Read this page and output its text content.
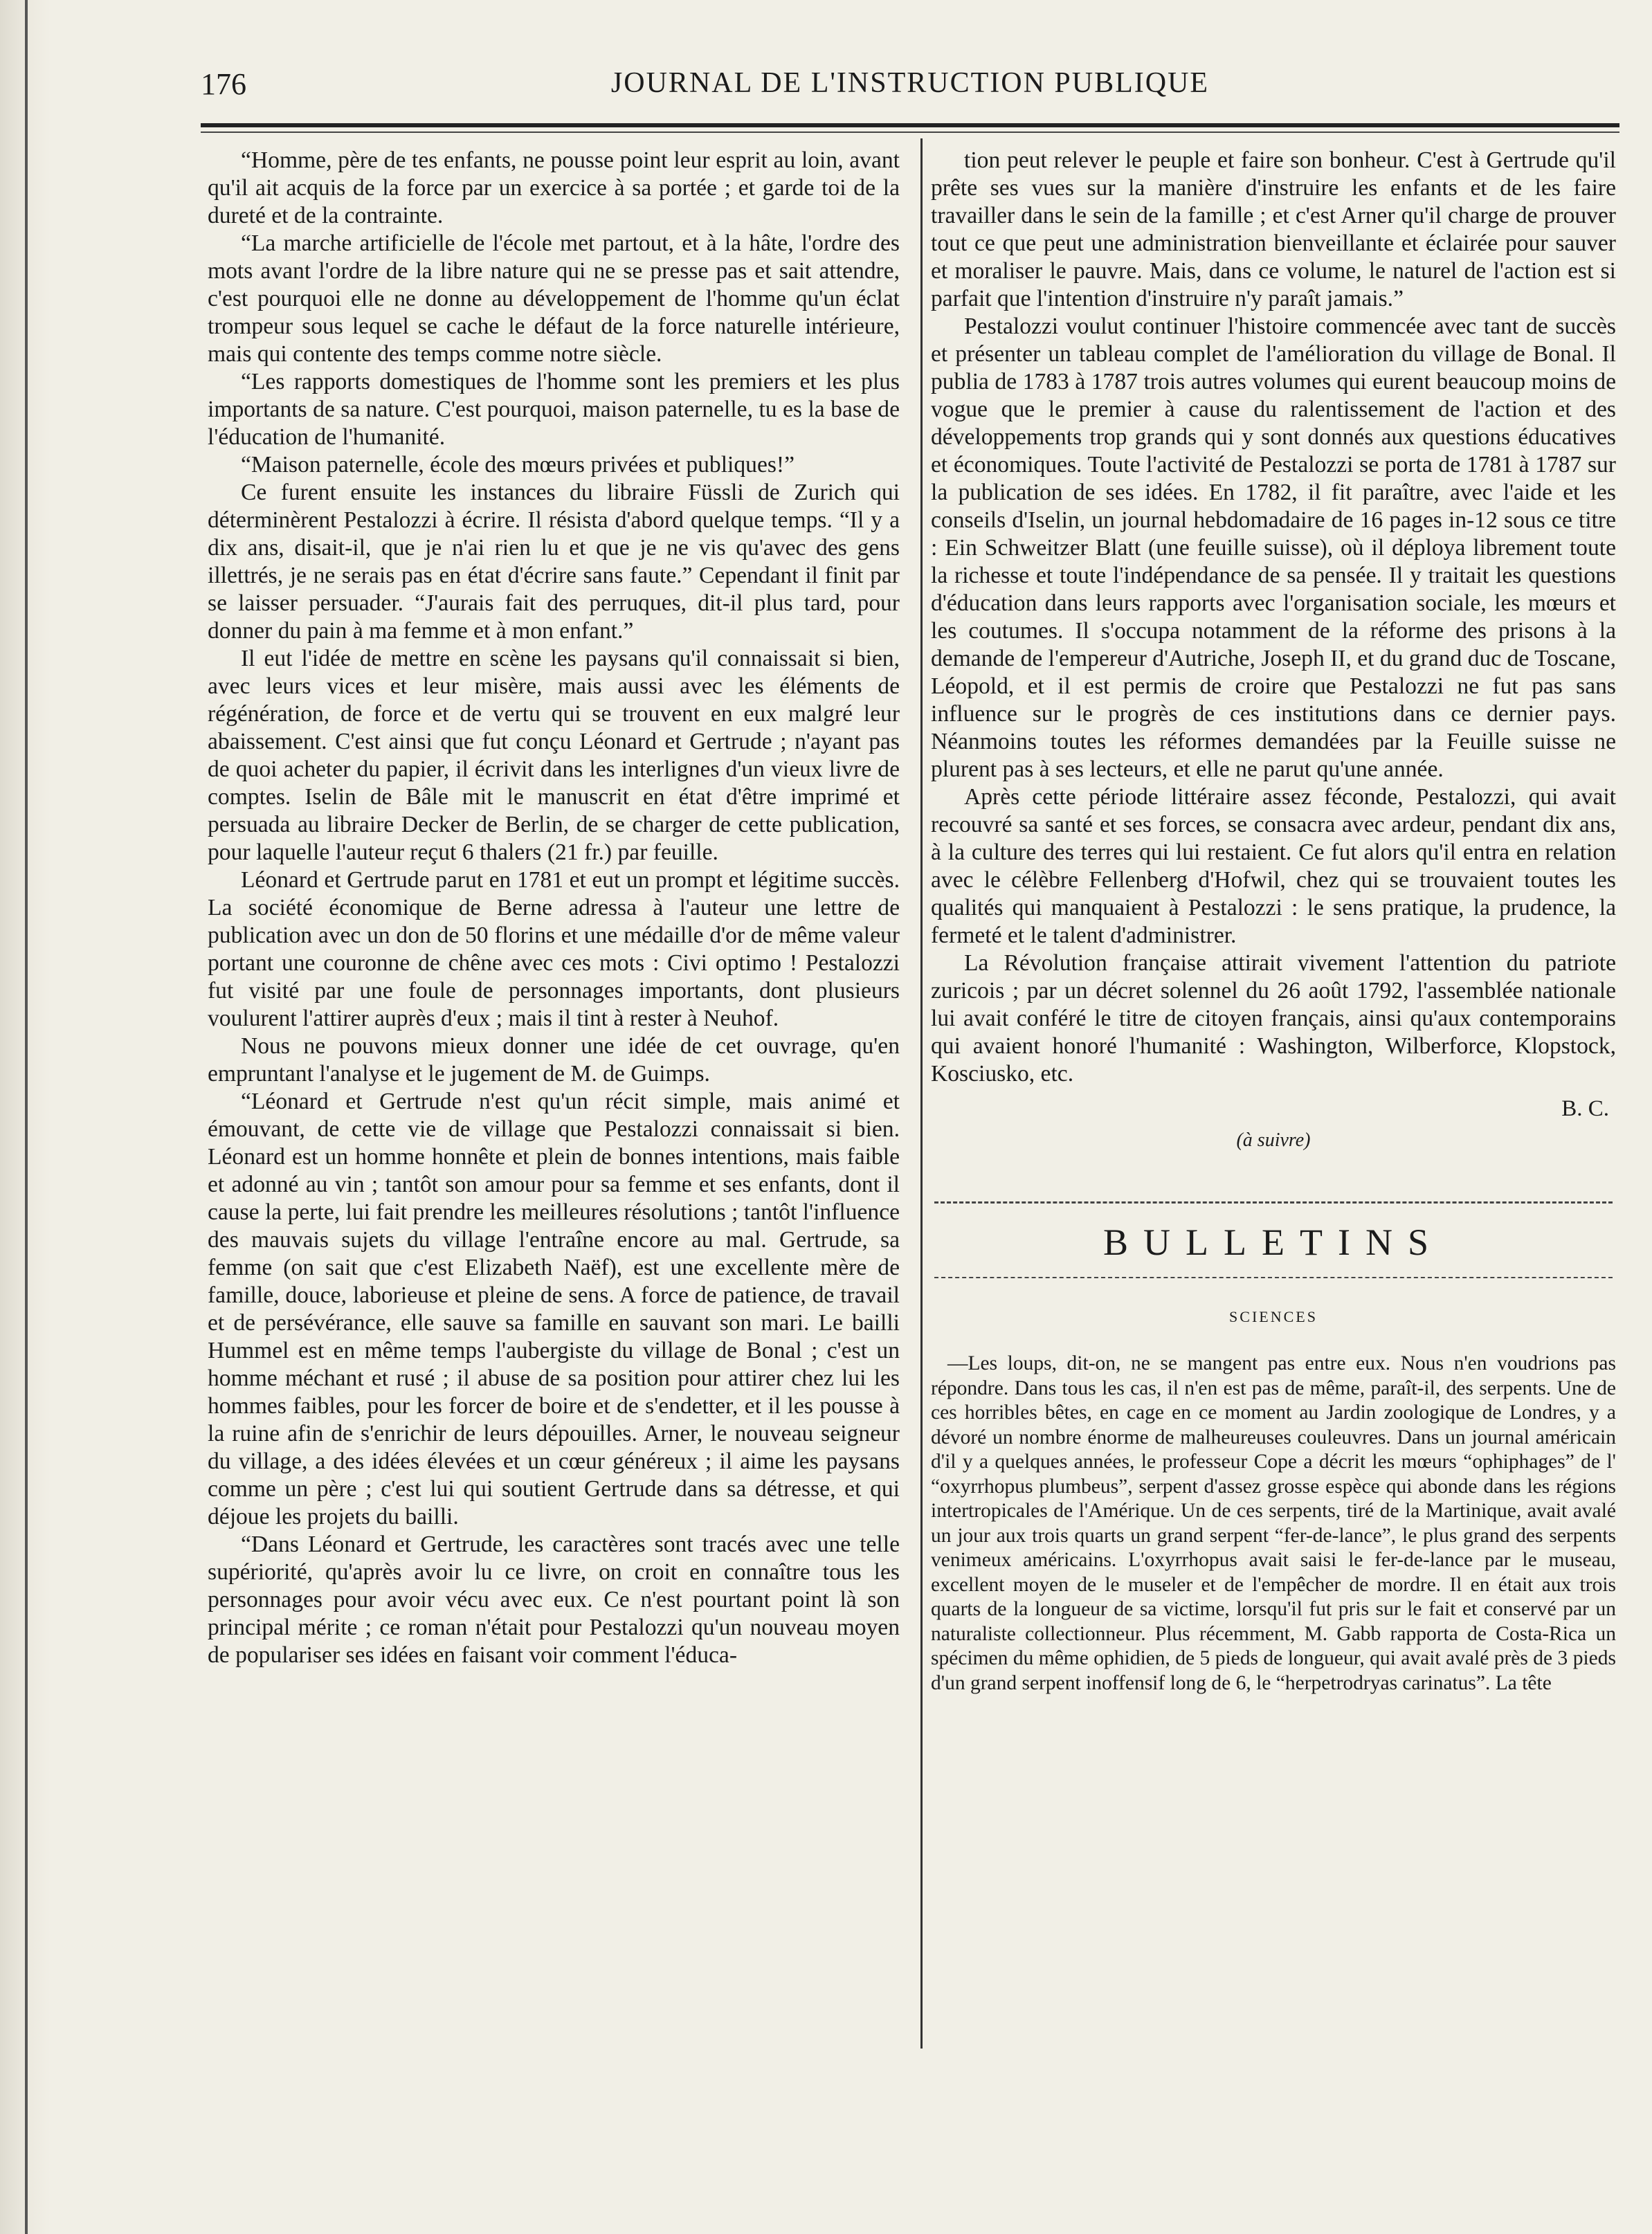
176	JOURNAL DE L'INSTRUCTION PUBLIQUE

“Homme, père de tes enfants, ne pousse point leur esprit au loin, avant qu'il ait acquis de la force par un exercice à sa portée ; et garde toi de la dureté et de la contrainte.

“La marche artificielle de l'école met partout, et à la hâte, l'ordre des mots avant l'ordre de la libre nature qui ne se presse pas et sait attendre, c'est pourquoi elle ne donne au développement de l'homme qu'un éclat trompeur sous lequel se cache le défaut de la force naturelle intérieure, mais qui contente des temps comme notre siècle.

“Les rapports domestiques de l'homme sont les premiers et les plus importants de sa nature. C'est pourquoi, maison paternelle, tu es la base de l'éducation de l'humanité.

“Maison paternelle, école des mœurs privées et publiques!”

Ce furent ensuite les instances du libraire Füssli de Zurich qui déterminèrent Pestalozzi à écrire. Il résista d'abord quelque temps. “Il y a dix ans, disait-il, que je n'ai rien lu et que je ne vis qu'avec des gens illettrés, je ne serais pas en état d'écrire sans faute.” Cependant il finit par se laisser persuader. “J'aurais fait des perruques, dit-il plus tard, pour donner du pain à ma femme et à mon enfant.”

Il eut l'idée de mettre en scène les paysans qu'il connaissait si bien, avec leurs vices et leur misère, mais aussi avec les éléments de régénération, de force et de vertu qui se trouvent en eux malgré leur abaissement. C'est ainsi que fut conçu Léonard et Gertrude ; n'ayant pas de quoi acheter du papier, il écrivit dans les interlignes d'un vieux livre de comptes. Iselin de Bâle mit le manuscrit en état d'être imprimé et persuada au libraire Decker de Berlin, de se charger de cette publication, pour laquelle l'auteur reçut 6 thalers (21 fr.) par feuille.

Léonard et Gertrude parut en 1781 et eut un prompt et légitime succès. La société économique de Berne adressa à l'auteur une lettre de publication avec un don de 50 florins et une médaille d'or de même valeur portant une couronne de chêne avec ces mots : Civi optimo ! Pestalozzi fut visité par une foule de personnages importants, dont plusieurs voulurent l'attirer auprès d'eux ; mais il tint à rester à Neuhof.

Nous ne pouvons mieux donner une idée de cet ouvrage, qu'en empruntant l'analyse et le jugement de M. de Guimps.

“Léonard et Gertrude n'est qu'un récit simple, mais animé et émouvant, de cette vie de village que Pestalozzi connaissait si bien. Léonard est un homme honnête et plein de bonnes intentions, mais faible et adonné au vin ; tantôt son amour pour sa femme et ses enfants, dont il cause la perte, lui fait prendre les meilleures résolutions ; tantôt l'influence des mauvais sujets du village l'entraîne encore au mal. Gertrude, sa femme (on sait que c'est Elizabeth Naëf), est une excellente mère de famille, douce, laborieuse et pleine de sens. A force de patience, de travail et de persévérance, elle sauve sa famille en sauvant son mari. Le bailli Hummel est en même temps l'aubergiste du village de Bonal ; c'est un homme méchant et rusé ; il abuse de sa position pour attirer chez lui les hommes faibles, pour les forcer de boire et de s'endetter, et il les pousse à la ruine afin de s'enrichir de leurs dépouilles. Arner, le nouveau seigneur du village, a des idées élevées et un cœur généreux ; il aime les paysans comme un père ; c'est lui qui soutient Gertrude dans sa détresse, et qui déjoue les projets du bailli.

“Dans Léonard et Gertrude, les caractères sont tracés avec une telle supériorité, qu'après avoir lu ce livre, on croit en connaître tous les personnages pour avoir vécu avec eux. Ce n'est pourtant point là son principal mérite ; ce roman n'était pour Pestalozzi qu'un nouveau moyen de populariser ses idées en faisant voir comment l'éduca-

tion peut relever le peuple et faire son bonheur. C'est à Gertrude qu'il prête ses vues sur la manière d'instruire les enfants et de les faire travailler dans le sein de la famille ; et c'est Arner qu'il charge de prouver tout ce que peut une administration bienveillante et éclairée pour sauver et moraliser le pauvre. Mais, dans ce volume, le naturel de l'action est si parfait que l'intention d'instruire n'y paraît jamais.”

Pestalozzi voulut continuer l'histoire commencée avec tant de succès et présenter un tableau complet de l'amélioration du village de Bonal. Il publia de 1783 à 1787 trois autres volumes qui eurent beaucoup moins de vogue que le premier à cause du ralentissement de l'action et des développements trop grands qui y sont donnés aux questions éducatives et économiques. Toute l'activité de Pestalozzi se porta de 1781 à 1787 sur la publication de ses idées. En 1782, il fit paraître, avec l'aide et les conseils d'Iselin, un journal hebdomadaire de 16 pages in-12 sous ce titre : Ein Schweitzer Blatt (une feuille suisse), où il déploya librement toute la richesse et toute l'indépendance de sa pensée. Il y traitait les questions d'éducation dans leurs rapports avec l'organisation sociale, les mœurs et les coutumes. Il s'occupa notamment de la réforme des prisons à la demande de l'empereur d'Autriche, Joseph II, et du grand duc de Toscane, Léopold, et il est permis de croire que Pestalozzi ne fut pas sans influence sur le progrès de ces institutions dans ce dernier pays. Néanmoins toutes les réformes demandées par la Feuille suisse ne plurent pas à ses lecteurs, et elle ne parut qu'une année.

Après cette période littéraire assez féconde, Pestalozzi, qui avait recouvré sa santé et ses forces, se consacra avec ardeur, pendant dix ans, à la culture des terres qui lui restaient. Ce fut alors qu'il entra en relation avec le célèbre Fellenberg d'Hofwil, chez qui se trouvaient toutes les qualités qui manquaient à Pestalozzi : le sens pratique, la prudence, la fermeté et le talent d'administrer.

La Révolution française attirait vivement l'attention du patriote zuricois ; par un décret solennel du 26 août 1792, l'assemblée nationale lui avait conféré le titre de citoyen français, ainsi qu'aux contemporains qui avaient honoré l'humanité : Washington, Wilberforce, Klopstock, Kosciusko, etc.

B. C.
(à suivre)
BULLETINS
SCIENCES

—Les loups, dit-on, ne se mangent pas entre eux. Nous n'en voudrions pas répondre. Dans tous les cas, il n'en est pas de même, paraît-il, des serpents. Une de ces horribles bêtes, en cage en ce moment au Jardin zoologique de Londres, y a dévoré un nombre énorme de malheureuses couleuvres. Dans un journal américain d'il y a quelques années, le professeur Cope a décrit les mœurs “ophiphages” de l' “oxyrrhopus plumbeus”, serpent d'assez grosse espèce qui abonde dans les régions intertropicales de l'Amérique. Un de ces serpents, tiré de la Martinique, avait avalé un jour aux trois quarts un grand serpent “fer-de-lance”, le plus grand des serpents venimeux américains. L'oxyrrhopus avait saisi le fer-de-lance par le museau, excellent moyen de le museler et de l'empêcher de mordre. Il en était aux trois quarts de la longueur de sa victime, lorsqu'il fut pris sur le fait et conservé par un naturaliste collectionneur. Plus récemment, M. Gabb rapporta de Costa-Rica un spécimen du même ophidien, de 5 pieds de longueur, qui avait avalé près de 3 pieds d'un grand serpent inoffensif long de 6, le “herpetrodryas carinatus”. La tête
